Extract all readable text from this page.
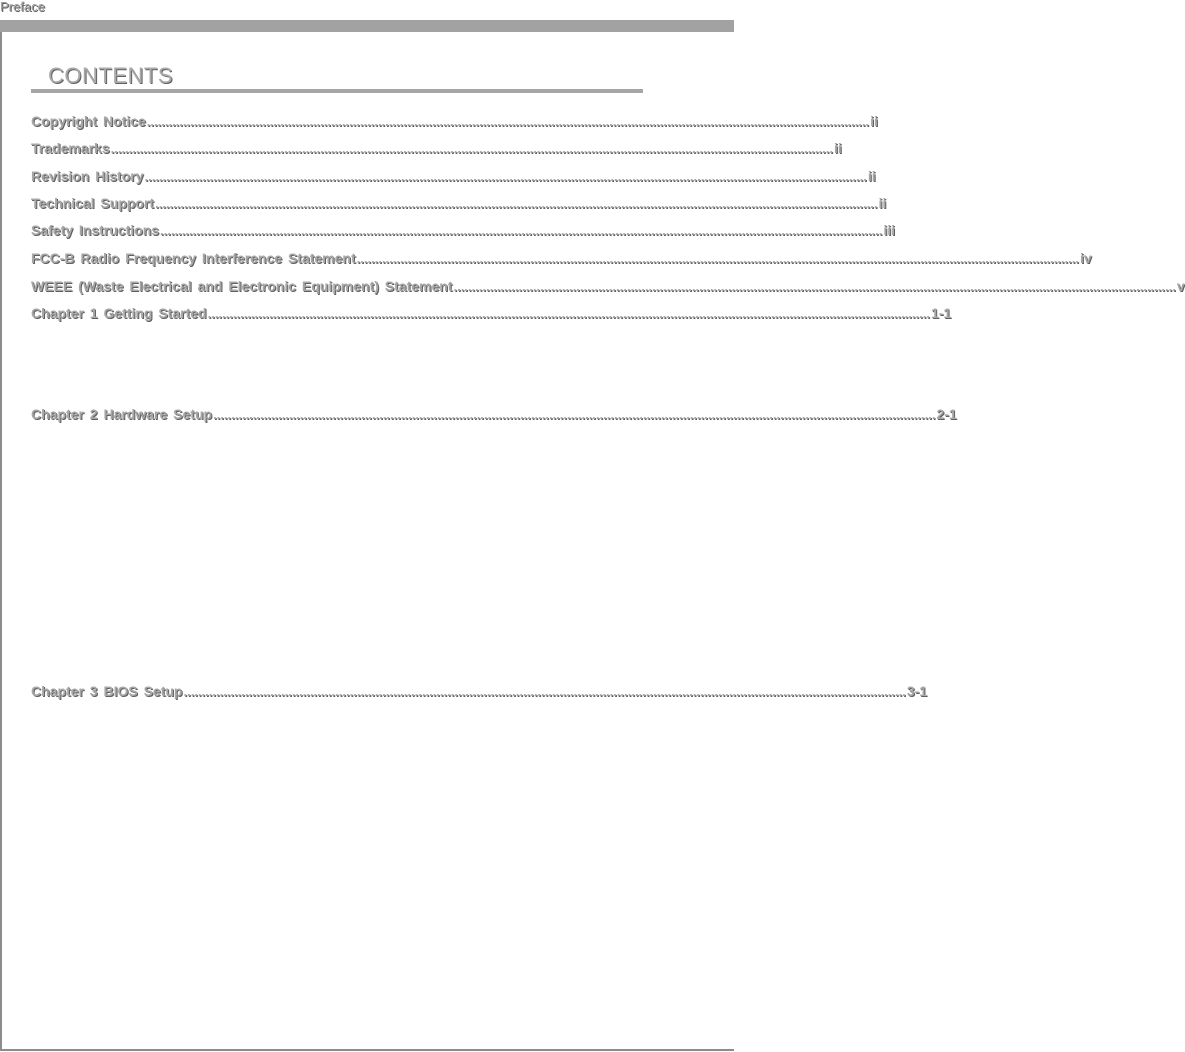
Preface
CONTENTS
Copyright Notice ........................................................................................................................................................................................................ ii
Trademarks ........................................................................................................................................................................................................ ii
Revision History ........................................................................................................................................................................................................ ii
Technical Support ........................................................................................................................................................................................................ ii
Safety Instructions ........................................................................................................................................................................................................ iii
FCC-B Radio Frequency Interference Statement ........................................................................................................................................................................................................ iv
WEEE (Waste Electrical and Electronic Equipment) Statement ........................................................................................................................................................................................................ v
Chapter 1 Getting Started ........................................................................................................................................................................................................ 1-1
Chapter 2 Hardware Setup ........................................................................................................................................................................................................ 2-1
Chapter 3 BIOS Setup ........................................................................................................................................................................................................ 3-1
